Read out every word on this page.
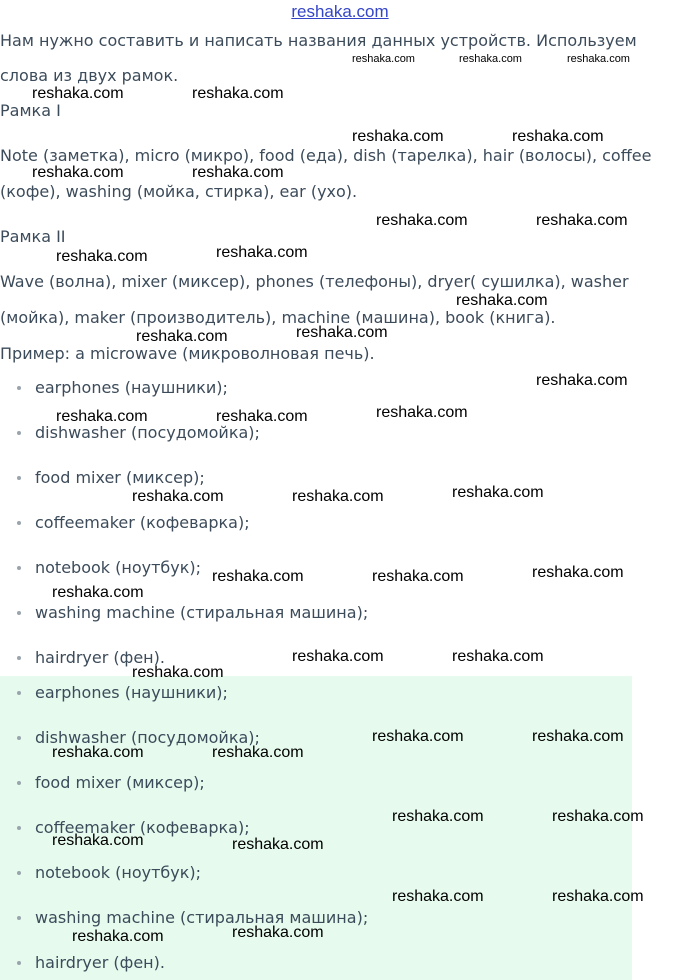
reshaka.com
Нам нужно составить и написать названия данных устройств. Используем
слова из двух рамок.
Рамка I
Note (заметка), micro (микро), food (еда), dish (тарелка), hair (волосы), coffee
(кофе), washing (мойка, стирка), ear (ухо).
Рамка II
Wave (волна), mixer (миксер), phones (телефоны), dryer( сушилка), washer
(мойка), maker (производитель), machine (машина), book (книга).
Пример: a microwave (микроволновая печь).
earphones (наушники);
dishwasher (посудомойка);
food mixer (миксер);
coffeemaker (кофеварка);
notebook (ноутбук);
washing machine (стиральная машина);
hairdryer (фен).
earphones (наушники);
dishwasher (посудомойка);
food mixer (миксер);
coffeemaker (кофеварка);
notebook (ноутбук);
washing machine (стиральная машина);
hairdryer (фен).
reshaka.com	reshaka.com	reshaka.com
reshaka.com	reshaka.com
reshaka.com	reshaka.com
reshaka.com	reshaka.com
reshaka.com	reshaka.com
reshaka.com	reshaka.com
reshaka.com
reshaka.com
reshaka.com
reshaka.com
reshaka.com	reshaka.com	reshaka.com
reshaka.com	reshaka.com	reshaka.com
reshaka.com	reshaka.com	reshaka.com
reshaka.com
reshaka.com	reshaka.com
reshaka.com
reshaka.com	reshaka.com
reshaka.com	reshaka.com
reshaka.com	reshaka.com
reshaka.com	reshaka.com
reshaka.com	reshaka.com
reshaka.com	reshaka.com
